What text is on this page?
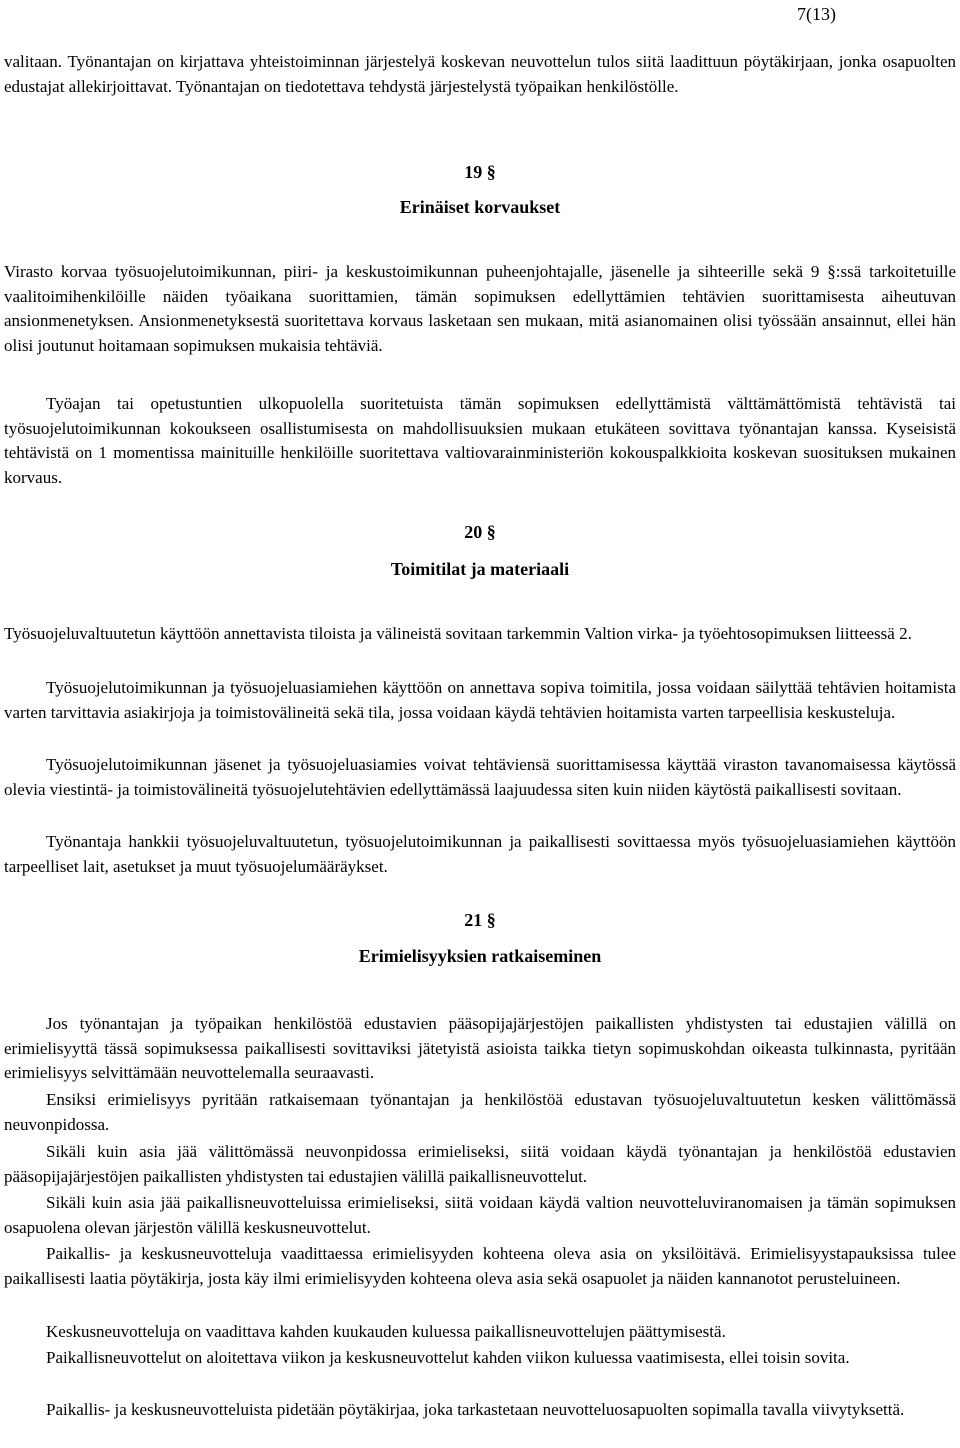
7(13)

valitaan. Työnantajan on kirjattava yhteistoiminnan järjestelyä koskevan neuvottelun tulos siitä laadittuun pöytäkirjaan, jonka osapuolten edustajat allekirjoittavat. Työnantajan on tiedotettava tehdystä järjestelystä työpaikan henkilöstölle.

19 §
Erinäiset korvaukset

Virasto korvaa työsuojelutoimikunnan, piiri- ja keskustoimikunnan puheenjohtajalle, jäsenelle ja sihteerille sekä 9 §:ssä tarkoitetuille vaalitoimihenkilöille näiden työaikana suorittamien, tämän sopimuksen edellyttämien tehtävien suorittamisesta aiheutuvan ansionmenetyksen. Ansionmenetyksestä suoritettava korvaus lasketaan sen mukaan, mitä asianomainen olisi työssään ansainnut, ellei hän olisi joutunut hoitamaan sopimuksen mukaisia tehtäviä.

Työajan tai opetustuntien ulkopuolella suoritetuista tämän sopimuksen edellyttämistä välttämättömistä tehtävistä tai työsuojelutoimikunnan kokoukseen osallistumisesta on mahdollisuuksien mukaan etukäteen sovittava työnantajan kanssa. Kyseisistä tehtävistä on 1 momentissa mainituille henkilöille suoritettava valtiovarainministeriön kokouspalkkioita koskevan suosituksen mukainen korvaus.

20 §
Toimitilat ja materiaali

Työsuojeluvaltuutetun käyttöön annettavista tiloista ja välineistä sovitaan tarkemmin Valtion virka- ja työehtosopimuksen liitteessä 2.

Työsuojelutoimikunnan ja työsuojeluasiamiehen käyttöön on annettava sopiva toimitila, jossa voidaan säilyttää tehtävien hoitamista varten tarvittavia asiakirjoja ja toimistovälineitä sekä tila, jossa voidaan käydä tehtävien hoitamista varten tarpeellisia keskusteluja.

Työsuojelutoimikunnan jäsenet ja työsuojeluasiamies voivat tehtäviensä suorittamisessa käyttää viraston tavanomaisessa käytössä olevia viestintä- ja toimistovälineitä työsuojelutehtävien edellyttämässä laajuudessa siten kuin niiden käytöstä paikallisesti sovitaan.

Työnantaja hankkii työsuojeluvaltuutetun, työsuojelutoimikunnan ja paikallisesti sovittaessa myös työsuojeluasiamiehen käyttöön tarpeelliset lait, asetukset ja muut työsuojelumääräykset.

21 §
Erimielisyyksien ratkaiseminen

Jos työnantajan ja työpaikan henkilöstöä edustavien pääsopijajärjestöjen paikallisten yhdistysten tai edustajien välillä on erimielisyyttä tässä sopimuksessa paikallisesti sovittaviksi jätetyistä asioista taikka tietyn sopimuskohdan oikeasta tulkinnasta, pyritään erimielisyys selvittämään neuvottelemalla seuraavasti.

Ensiksi erimielisyys pyritään ratkaisemaan työnantajan ja henkilöstöä edustavan työsuojeluvaltuutetun kesken välittömässä neuvonpidossa.

Sikäli kuin asia jää välittömässä neuvonpidossa erimieliseksi, siitä voidaan käydä työnantajan ja henkilöstöä edustavien pääsopijajärjestöjen paikallisten yhdistysten tai edustajien välillä paikallisneuvottelut.

Sikäli kuin asia jää paikallisneuvotteluissa erimieliseksi, siitä voidaan käydä valtion neuvotteluviranomaisen ja tämän sopimuksen osapuolena olevan järjestön välillä keskusneuvottelut.

Paikallis- ja keskusneuvotteluja vaadittaessa erimielisyyden kohteena oleva asia on yksilöitävä. Erimielisyystapauksissa tulee paikallisesti laatia pöytäkirja, josta käy ilmi erimielisyyden kohteena oleva asia sekä osapuolet ja näiden kannanotot perusteluineen.

Keskusneuvotteluja on vaadittava kahden kuukauden kuluessa paikallisneuvottelujen päättymisestä.

Paikallisneuvottelut on aloitettava viikon ja keskusneuvottelut kahden viikon kuluessa vaatimisesta, ellei toisin sovita.

Paikallis- ja keskusneuvotteluista pidetään pöytäkirjaa, joka tarkastetaan neuvotteluosapuolten sopimalla tavalla viivytyksettä.
